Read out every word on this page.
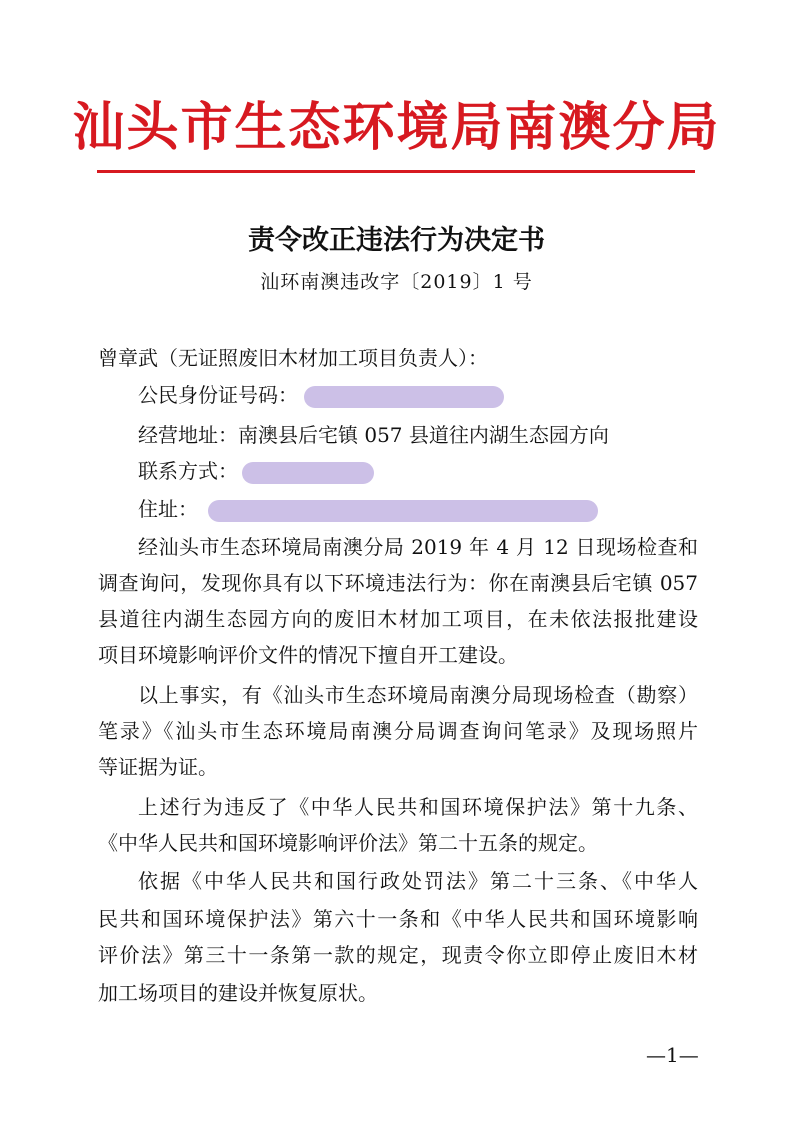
汕头市生态环境局南澳分局
责令改正违法行为决定书
汕环南澳违改字〔2019〕1 号
曾章武（无证照废旧木材加工项目负责人）：
公民身份证号码：
经营地址：南澳县后宅镇 057 县道往内湖生态园方向
联系方式：
住址：
经汕头市生态环境局南澳分局 2019 年 4 月 12 日现场检查和
调查询问，发现你具有以下环境违法行为：你在南澳县后宅镇 057
县道往内湖生态园方向的废旧木材加工项目，在未依法报批建设
项目环境影响评价文件的情况下擅自开工建设。
以上事实，有《汕头市生态环境局南澳分局现场检查（勘察）
笔录》《汕头市生态环境局南澳分局调查询问笔录》及现场照片
等证据为证。
上述行为违反了《中华人民共和国环境保护法》第十九条、
《中华人民共和国环境影响评价法》第二十五条的规定。
依据《中华人民共和国行政处罚法》第二十三条、《中华人
民共和国环境保护法》第六十一条和《中华人民共和国环境影响
评价法》第三十一条第一款的规定，现责令你立即停止废旧木材
加工场项目的建设并恢复原状。
—1—
